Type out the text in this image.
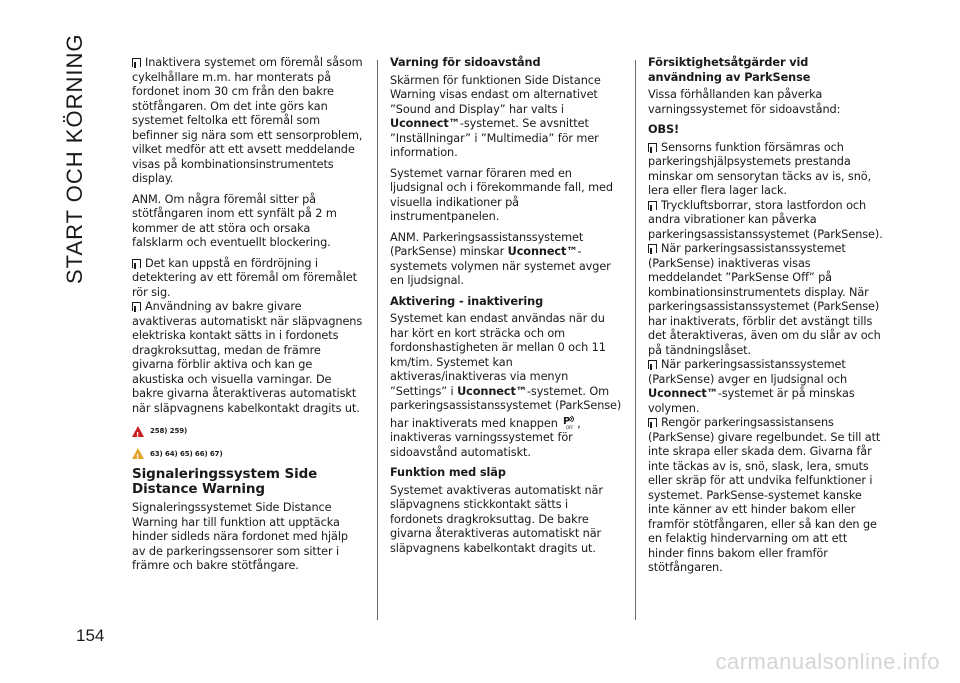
START OCH KÖRNING
154

Inaktivera systemet om föremål såsom cykelhållare m.m. har monterats på fordonet inom 30 cm från den bakre stötfångaren. Om det inte görs kan systemet feltolka ett föremål som befinner sig nära som ett sensorproblem, vilket medför att ett avsett meddelande visas på kombinationsinstrumentets display.

ANM. Om några föremål sitter på stötfångaren inom ett synfält på 2 m kommer de att störa och orsaka falsklarm och eventuellt blockering.

Det kan uppstå en fördröjning i detektering av ett föremål om föremålet rör sig.

Användning av bakre givare avaktiveras automatiskt när släpvagnens elektriska kontakt sätts in i fordonets dragkroksuttag, medan de främre givarna förblir aktiva och kan ge akustiska och visuella varningar. De bakre givarna återaktiveras automatiskt när släpvagnens kabelkontakt dragits ut.

!
258) 259)
!
63) 64) 65) 66) 67)
Signaleringssystem Side Distance Warning

Signaleringssystemet Side Distance Warning har till funktion att upptäcka hinder sidleds nära fordonet med hjälp av de parkeringssensorer som sitter i främre och bakre stötfångare.

Varning för sidoavstånd

Skärmen för funktionen Side Distance Warning visas endast om alternativet ”Sound and Display” har valts i Uconnect™-systemet. Se avsnittet ”Inställningar” i ”Multimedia” för mer information.

Systemet varnar föraren med en ljudsignal och i förekommande fall, med visuella indikationer på instrumentpanelen.

ANM. Parkeringsassistanssystemet (ParkSense) minskar Uconnect™-systemets volymen när systemet avger en ljudsignal.

Aktivering - inaktivering

Systemet kan endast användas när du har kört en kort sträcka och om fordonshastigheten är mellan 0 och 11 km/tim. Systemet kan aktiveras/inaktiveras via menyn ”Settings” i Uconnect™-systemet. Om parkeringsassistanssystemet (ParkSense) har inaktiverats med knappen P
OFF , inaktiveras varningssystemet för sidoavstånd automatiskt.

Funktion med släp

Systemet avaktiveras automatiskt när släpvagnens stickkontakt sätts i fordonets dragkroksuttag. De bakre givarna återaktiveras automatiskt när släpvagnens kabelkontakt dragits ut.

Försiktighetsåtgärder vid användning av ParkSense

Vissa förhållanden kan påverka varningssystemet för sidoavstånd:

OBS!

Sensorns funktion försämras och parkeringshjälpsystemets prestanda minskar om sensorytan täcks av is, snö, lera eller flera lager lack.

Tryckluftsborrar, stora lastfordon och andra vibrationer kan påverka parkeringsassistanssystemet (ParkSense).

När parkeringsassistanssystemet (ParkSense) inaktiveras visas meddelandet ”ParkSense Off” på kombinationsinstrumentets display. När parkeringsassistanssystemet (ParkSense) har inaktiverats, förblir det avstängt tills det återaktiveras, även om du slår av och på tändningslåset.

När parkeringsassistanssystemet (ParkSense) avger en ljudsignal och
Uconnect™-systemet är på minskas volymen.

Rengör parkeringsassistansens (ParkSense) givare regelbundet. Se till att inte skrapa eller skada dem. Givarna får inte täckas av is, snö, slask, lera, smuts eller skräp för att undvika felfunktioner i systemet. ParkSense-systemet kanske inte känner av ett hinder bakom eller framför stötfångaren, eller så kan den ge en felaktig hindervarning om att ett hinder finns bakom eller framför stötfångaren.

carmanualsonline.info
